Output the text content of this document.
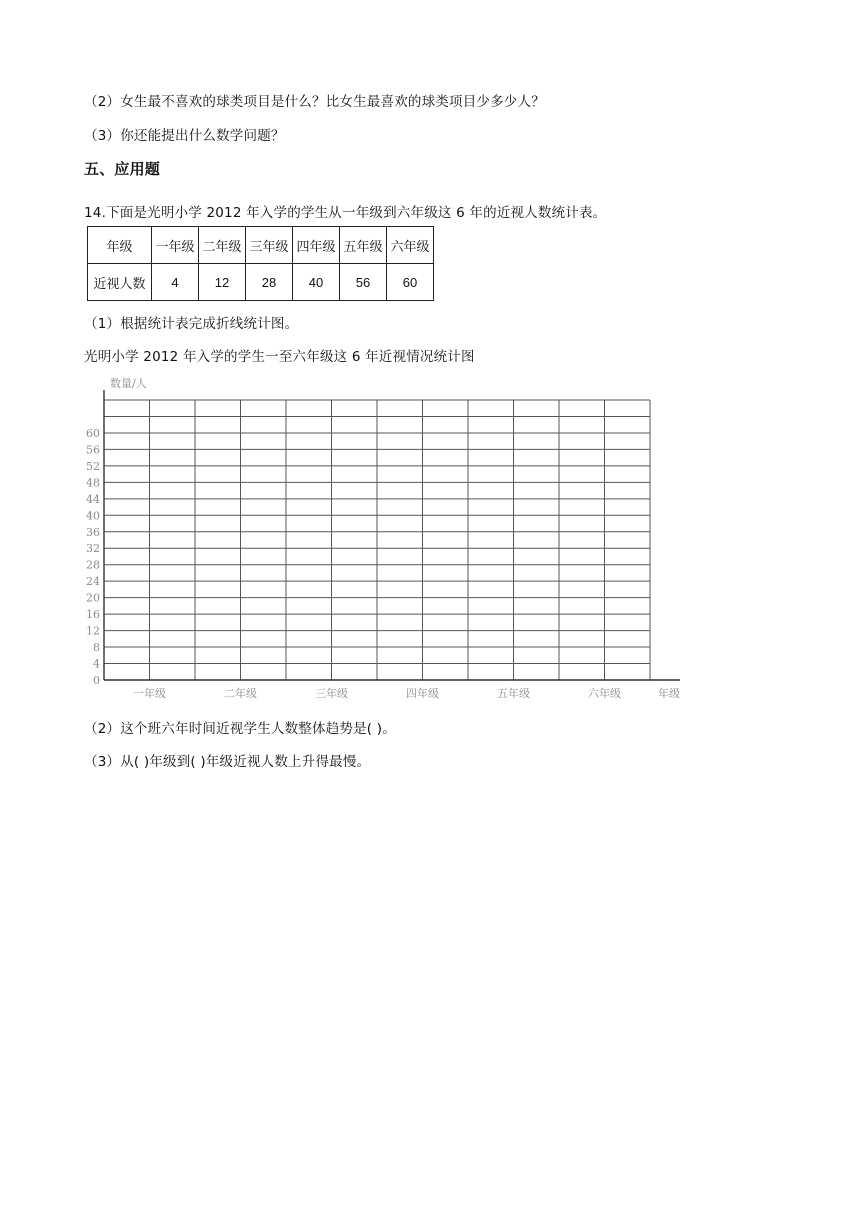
（2）女生最不喜欢的球类项目是什么？比女生最喜欢的球类项目少多少人？
（3）你还能提出什么数学问题？
五、应用题
14.下面是光明小学 2012 年入学的学生从一年级到六年级这 6 年的近视人数统计表。
年级	一年级	二年级	三年级	四年级	五年级	六年级
近视人数	4	12	28	40	56	60
（1）根据统计表完成折线统计图。
光明小学 2012 年入学的学生一至六年级这 6 年近视情况统计图
数量/人
0
4
8
12
16
20
24
28
32
36
40
44
48
52
56
60
一年级	二年级	三年级	四年级	五年级	六年级	年级
（2）这个班六年时间近视学生人数整体趋势是( )。
（3）从( )年级到( )年级近视人数上升得最慢。
